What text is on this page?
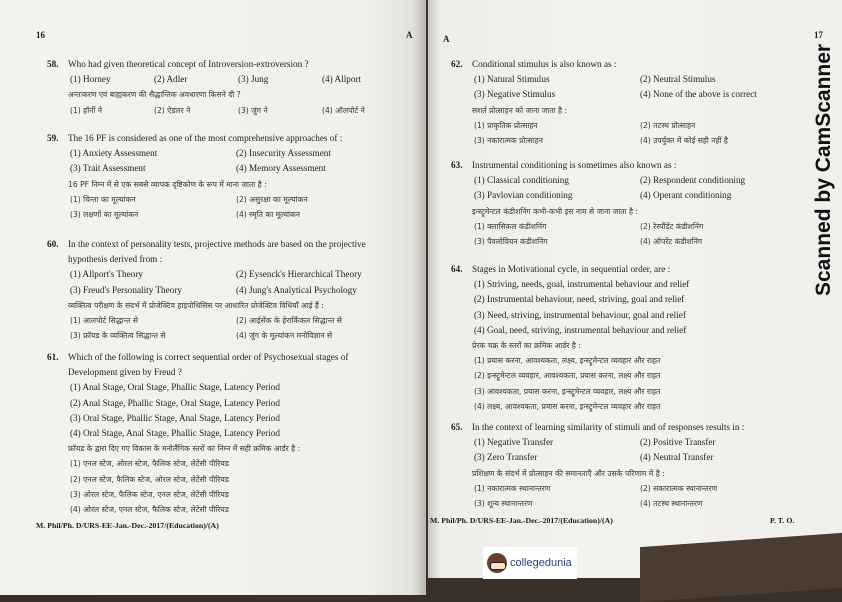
16	A
58. Who had given theoretical concept of Introversion-extroversion ?
(1) Horney	(2) Adler	(3) Jung	(4) Allport
अन्तःकरण एवं बाह्यकरण की सैद्धान्तिक अवधारणा किसने दी ?
(1) हॉर्नी ने	(2) ऐडलर ने	(3) जुंग ने	(4) ऑलपोर्ट ने
59. The 16 PF is considered as one of the most comprehensive approaches of :
(1) Anxiety Assessment	(2) Insecurity Assessment
(3) Trait Assessment	(4) Memory Assessment
16 PF निम्न में से एक सबसे व्यापक दृष्टिकोण के रूप में माना जाता है :
(1) चिन्ता का मूल्यांकन	(2) असुरक्षा का मूल्यांकन
(3) लक्षणों का मूल्यांकन	(4) स्मृति का मूल्यांकन
60. In the context of personality tests, projective methods are based on the projective
hypothesis derived from :
(1) Allport's Theory	(2) Eysenck's Hierarchical Theory
(3) Freud's Personality Theory	(4) Jung's Analytical Psychology
व्यक्तित्व परीक्षण के संदर्भ में प्रोजेक्टिव हाइपोथिसिस पर आधारित प्रोजेक्टिव विधियाँ आई हैं :
(1) आलपोर्ट सिद्धान्त से	(2) आईसेंक के हेरार्किकल सिद्धान्त से
(3) फ्रॉयड के व्यक्तित्व सिद्धान्त से	(4) जुंग के मूल्यांकन मनोविज्ञान से
61. Which of the following is correct sequential order of Psychosexual stages of
Development given by Freud ?
(1) Anal Stage, Oral Stage, Phallic Stage, Latency Period
(2) Anal Stage, Phallic Stage, Oral Stage, Latency Period
(3) Oral Stage, Phallic Stage, Anal Stage, Latency Period
(4) Oral Stage, Anal Stage, Phallic Stage, Latency Period
फ्रॉयड के द्वारा दिए गए विकास के मनोलैंगिक स्तरों का निम्न में सही क्रमिक आर्डर है :
(1) एनल स्टेज, ओरल स्टेज, फैलिक स्टेज, लेटेंसी पीरियड
(2) एनल स्टेज, फैलिक स्टेज, ओरल स्टेज, लेटेंसी पीरियड
(3) ओरल स्टेज, फैलिक स्टेज, एनल स्टेज, लेटेंसी पीरियड
(4) ओरल स्टेज, एनल स्टेज, फैलिक स्टेज, लेटेंसी पीरियड
M. Phil/Ph. D/URS-EE-Jan.-Dec.-2017/(Education)/(A)
A	17
62. Conditional stimulus is also known as :
(1) Natural Stimulus	(2) Neutral Stimulus
(3) Negative Stimulus	(4) None of the above is correct
सशर्त प्रोत्साहन को जाना जाता है :
(1) प्राकृतिक प्रोत्साहन	(2) तटस्थ प्रोत्साहन
(3) नकारात्मक प्रोत्साहन	(4) उपर्युक्त में कोई सही नहीं है
63. Instrumental conditioning is sometimes also known as :
(1) Classical conditioning	(2) Respondent conditioning
(3) Pavlovian conditioning	(4) Operant conditioning
इन्स्ट्रूमेन्टल कंडीशनिंग कभी-कभी इस नाम से जाना जाता है :
(1) क्लासिकल कंडीशनिंग	(2) रेस्पौंडेंट कंडीशनिंग
(3) पैवलोवियन कंडीशनिंग	(4) ऑपरेंट कंडीशनिंग
64. Stages in Motivational cycle, in sequential order, are :
(1) Striving, needs, goal, instrumental behaviour and relief
(2) Instrumental behaviour, need, striving, goal and relief
(3) Need, striving, instrumental behaviour, goal and relief
(4) Goal, need, striving, instrumental behaviour and relief
प्रेरक चक्र के स्तरों का क्रमिक आर्डर है :
(1) प्रयास करना, आवश्यकता, लक्ष्य, इन्स्ट्रूमेन्टल व्यवहार और राहत
(2) इन्स्ट्रूमेन्टल व्यवहार, आवश्यकता, प्रयास करना, लक्ष्य और राहत
(3) आवश्यकता, प्रयास करना, इन्स्ट्रूमेन्टल व्यवहार, लक्ष्य और राहत
(4) लक्ष्य, आवश्यकता, प्रयास करना, इन्स्ट्रूमेन्टल व्यवहार और राहत
65. In the context of learning similarity of stimuli and of responses results in :
(1) Negative Transfer	(2) Positive Transfer
(3) Zero Transfer	(4) Neutral Transfer
प्रशिक्षण के संदर्भ में प्रोत्साहन की समानताएँ और उसके परिणाम में है :
(1) नकारात्मक स्थानान्तरण	(2) सकारात्मक स्थानान्तरण
(3) शून्य स्थानान्तरण	(4) तटस्थ स्थानान्तरण
M. Phil/Ph. D/URS-EE-Jan.-Dec.-2017/(Education)/(A)	P. T. O.
Scanned by CamScanner
collegedunia
